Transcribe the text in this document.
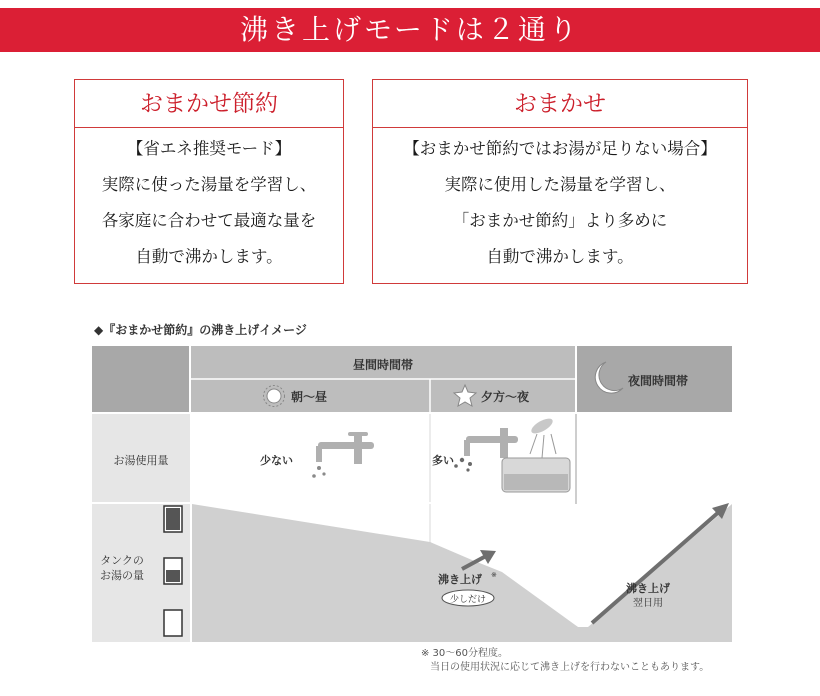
沸き上げモードは２通り
おまかせ節約
【省エネ推奨モード】
実際に使った湯量を学習し、
各家庭に合わせて最適な量を
自動で沸かします。
おまかせ
【おまかせ節約ではお湯が足りない場合】
実際に使用した湯量を学習し、
「おまかせ節約」より多めに
自動で沸かします。
◆『おまかせ節約』の沸き上げイメージ
昼間時間帯
朝～昼	夕方～夜
夜間時間帯
お湯使用量	少ない	多い
タンクの
お湯の量	沸き上げ ※
少しだけ
沸き上げ
翌日用
※ 30～60分程度。
当日の使用状況に応じて沸き上げを行わないこともあります。
